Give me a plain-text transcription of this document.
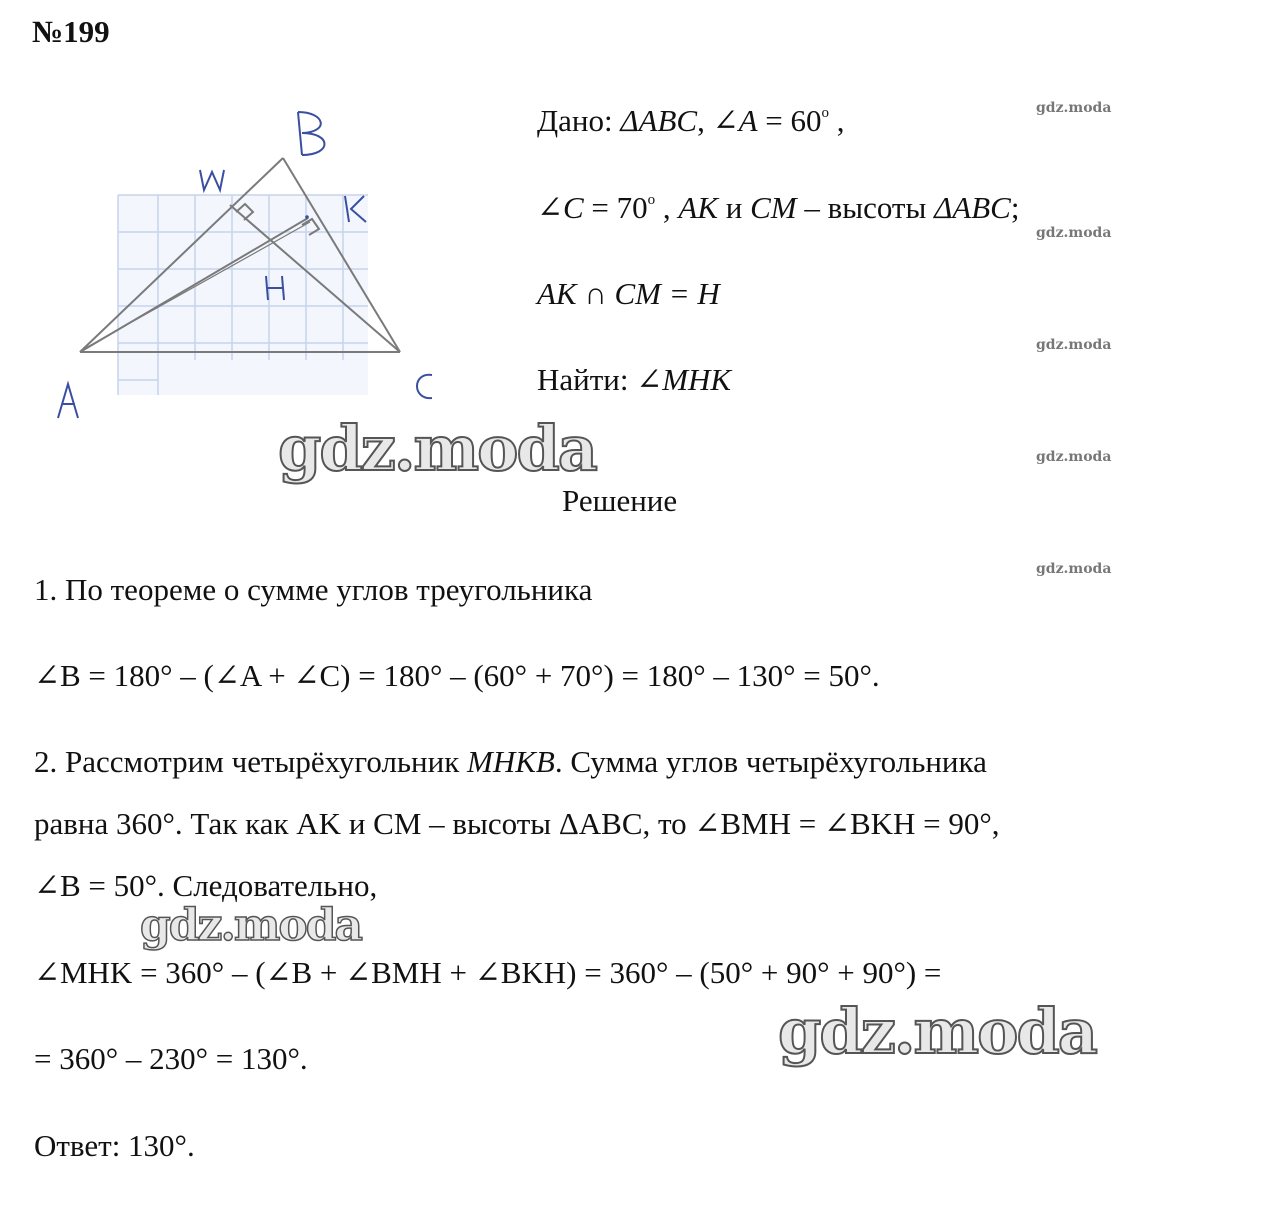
№199
Дано: ΔABC, ∠A = $60^o$ ,
∠C = $70^o$ , AK и CM – высоты ΔABC;
AK ∩ CM = H
Найти: ∠MHK
Решение
1. По теореме о сумме углов треугольника
∠B = 180° – (∠A + ∠C) = 180° – (60° + 70°) = 180° – 130° = 50°.
2. Рассмотрим четырёхугольник MHKB. Сумма углов четырёхугольника
равна 360°. Так как AK и CM – высоты ΔABC, то ∠BMH = ∠BKH = 90°,
∠B = 50°. Следовательно,
∠MHK = 360° – (∠B + ∠BMH + ∠BKH) = 360° – (50° + 90° + 90°) =
= 360° – 230° = 130°.
Ответ: 130°.
gdz.moda
gdz.moda
gdz.moda
gdz.moda
gdz.moda
gdz.moda
gdz.moda
gdz.moda
